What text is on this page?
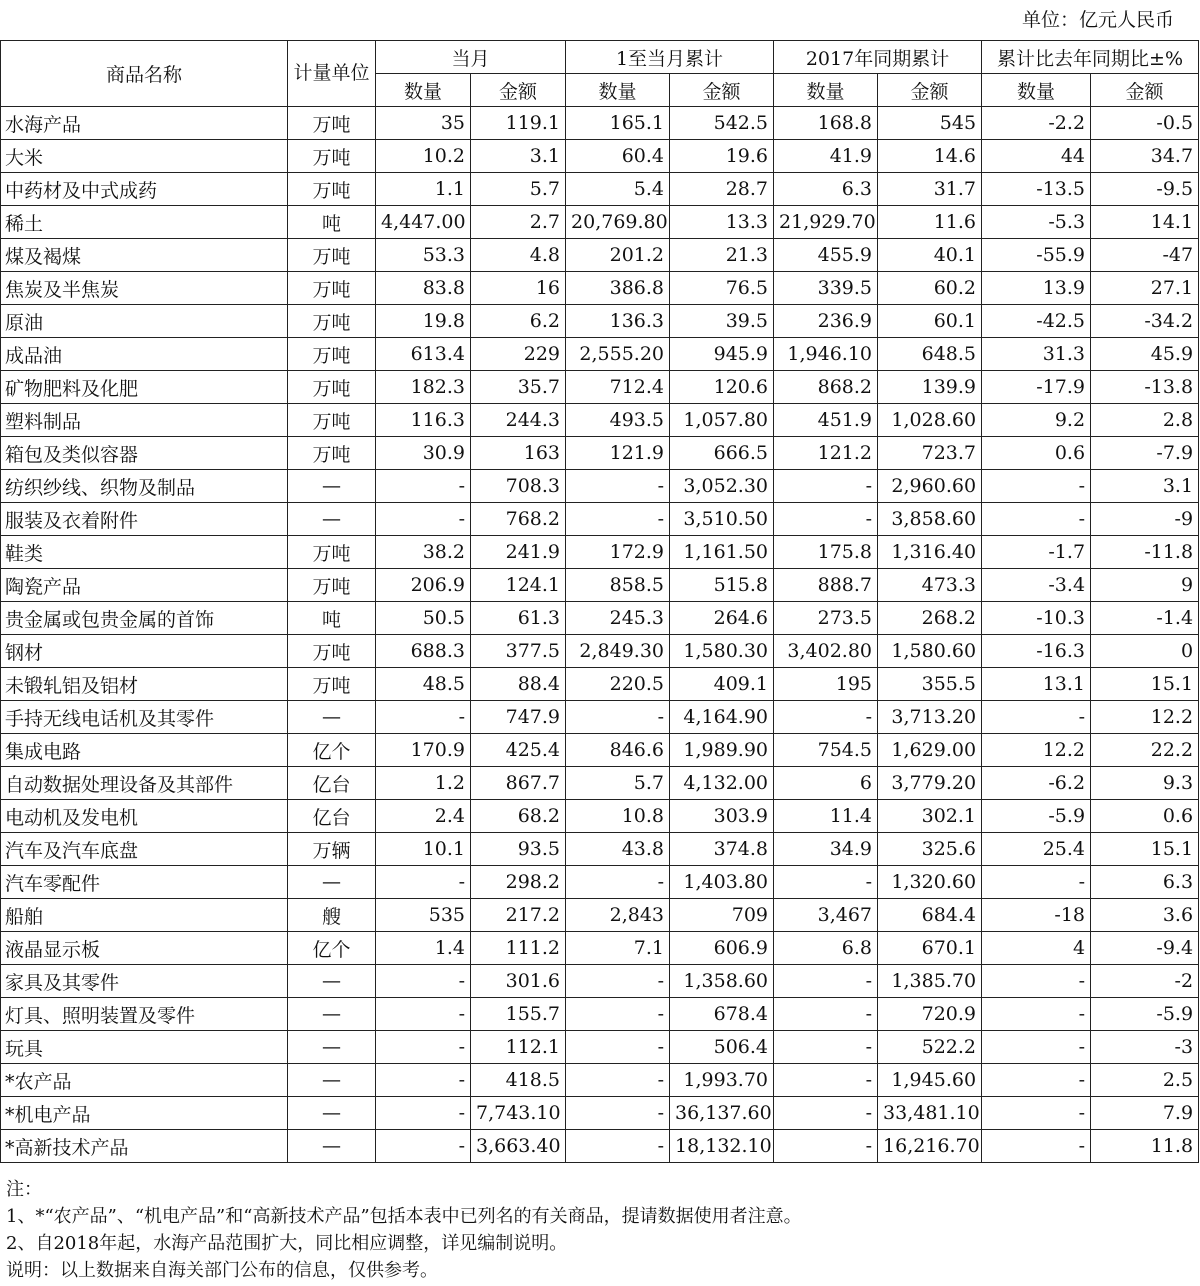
单位：亿元人民币
商品名称	计量单位	当月		1至当月累计		2017年同期累计		累计比去年同期比±%	
		数量	金额	数量	金额	数量	金额	数量	金额
水海产品	万吨	35	119.1	165.1	542.5	168.8	545	-2.2	-0.5
大米	万吨	10.2	3.1	60.4	19.6	41.9	14.6	44	34.7
中药材及中式成药	万吨	1.1	5.7	5.4	28.7	6.3	31.7	-13.5	-9.5
稀土	吨	4,447.00	2.7	20,769.80	13.3	21,929.70	11.6	-5.3	14.1
煤及褐煤	万吨	53.3	4.8	201.2	21.3	455.9	40.1	-55.9	-47
焦炭及半焦炭	万吨	83.8	16	386.8	76.5	339.5	60.2	13.9	27.1
原油	万吨	19.8	6.2	136.3	39.5	236.9	60.1	-42.5	-34.2
成品油	万吨	613.4	229	2,555.20	945.9	1,946.10	648.5	31.3	45.9
矿物肥料及化肥	万吨	182.3	35.7	712.4	120.6	868.2	139.9	-17.9	-13.8
塑料制品	万吨	116.3	244.3	493.5	1,057.80	451.9	1,028.60	9.2	2.8
箱包及类似容器	万吨	30.9	163	121.9	666.5	121.2	723.7	0.6	-7.9
纺织纱线、织物及制品	—	-	708.3	-	3,052.30	-	2,960.60	-	3.1
服装及衣着附件	—	-	768.2	-	3,510.50	-	3,858.60	-	-9
鞋类	万吨	38.2	241.9	172.9	1,161.50	175.8	1,316.40	-1.7	-11.8
陶瓷产品	万吨	206.9	124.1	858.5	515.8	888.7	473.3	-3.4	9
贵金属或包贵金属的首饰	吨	50.5	61.3	245.3	264.6	273.5	268.2	-10.3	-1.4
钢材	万吨	688.3	377.5	2,849.30	1,580.30	3,402.80	1,580.60	-16.3	0
未锻轧铝及铝材	万吨	48.5	88.4	220.5	409.1	195	355.5	13.1	15.1
手持无线电话机及其零件	—	-	747.9	-	4,164.90	-	3,713.20	-	12.2
集成电路	亿个	170.9	425.4	846.6	1,989.90	754.5	1,629.00	12.2	22.2
自动数据处理设备及其部件	亿台	1.2	867.7	5.7	4,132.00	6	3,779.20	-6.2	9.3
电动机及发电机	亿台	2.4	68.2	10.8	303.9	11.4	302.1	-5.9	0.6
汽车及汽车底盘	万辆	10.1	93.5	43.8	374.8	34.9	325.6	25.4	15.1
汽车零配件	—	-	298.2	-	1,403.80	-	1,320.60	-	6.3
船舶	艘	535	217.2	2,843	709	3,467	684.4	-18	3.6
液晶显示板	亿个	1.4	111.2	7.1	606.9	6.8	670.1	4	-9.4
家具及其零件	—	-	301.6	-	1,358.60	-	1,385.70	-	-2
灯具、照明装置及零件	—	-	155.7	-	678.4	-	720.9	-	-5.9
玩具	—	-	112.1	-	506.4	-	522.2	-	-3
*农产品	—	-	418.5	-	1,993.70	-	1,945.60	-	2.5
*机电产品	—	-	7,743.10	-	36,137.60	-	33,481.10	-	7.9
*高新技术产品	—	-	3,663.40	-	18,132.10	-	16,216.70	-	11.8
注：
1、*“农产品”、“机电产品”和“高新技术产品”包括本表中已列名的有关商品，提请数据使用者注意。
2、自2018年起，水海产品范围扩大，同比相应调整，详见编制说明。
说明：以上数据来自海关部门公布的信息，仅供参考。
